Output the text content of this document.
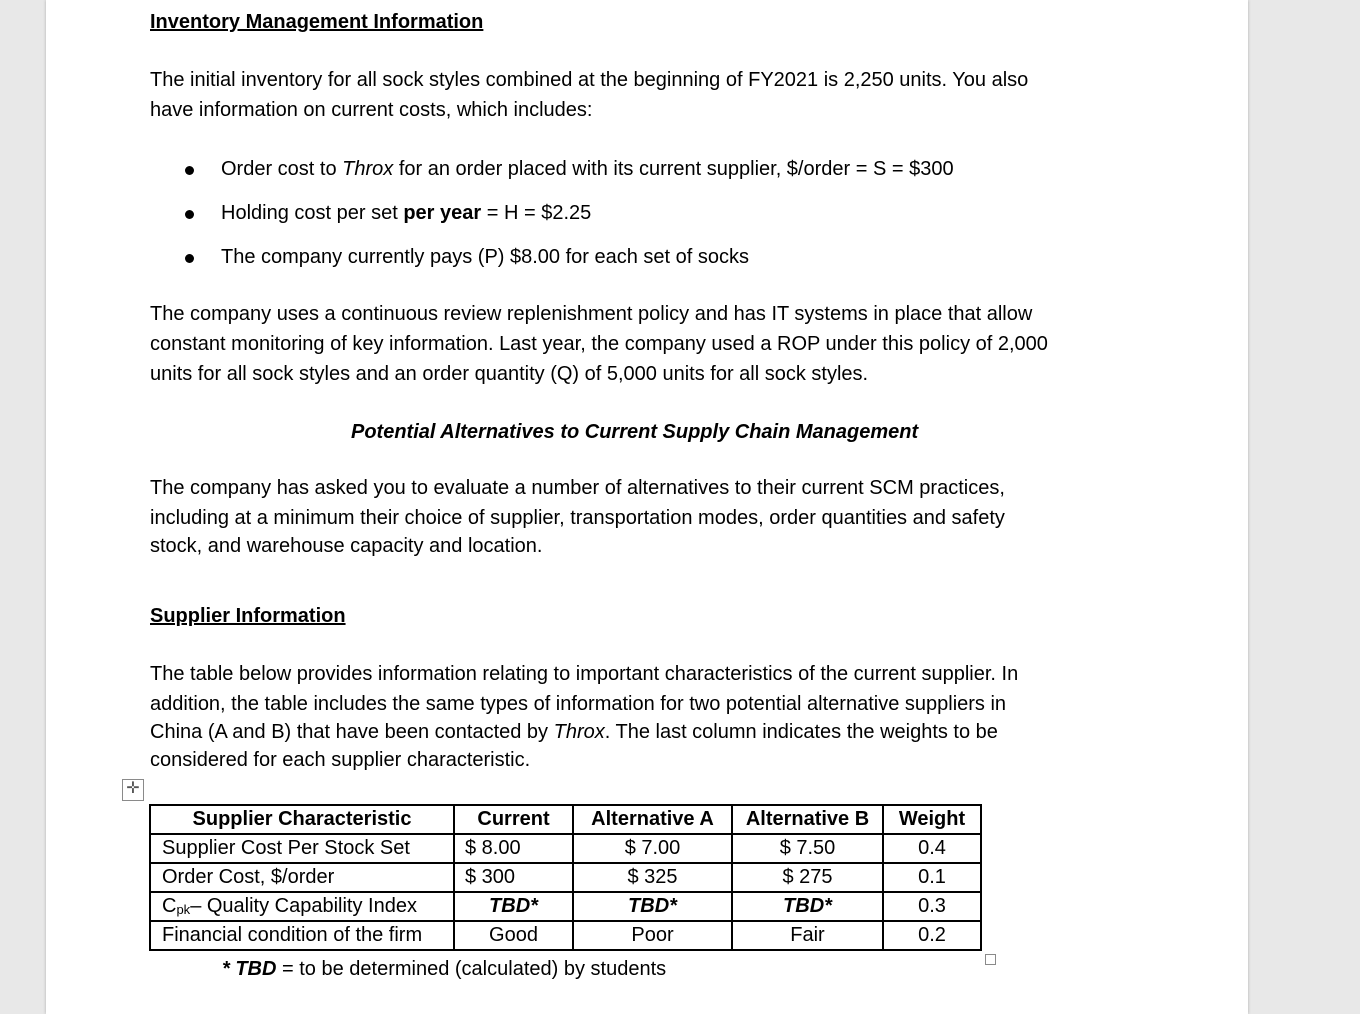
Inventory Management Information
The initial inventory for all sock styles combined at the beginning of FY2021 is 2,250 units. You also
have information on current costs, which includes:
Order cost to Throx for an order placed with its current supplier, $/order = S = $300
Holding cost per set per year = H = $2.25
The company currently pays (P) $8.00 for each set of socks
The company uses a continuous review replenishment policy and has IT systems in place that allow
constant monitoring of key information. Last year, the company used a ROP under this policy of 2,000
units for all sock styles and an order quantity (Q) of 5,000 units for all sock styles.
Potential Alternatives to Current Supply Chain Management
The company has asked you to evaluate a number of alternatives to their current SCM practices,
including at a minimum their choice of supplier, transportation modes, order quantities and safety
stock, and warehouse capacity and location.
Supplier Information
The table below provides information relating to important characteristics of the current supplier. In
addition, the table includes the same types of information for two potential alternative suppliers in
China (A and B) that have been contacted by Throx. The last column indicates the weights to be
considered for each supplier characteristic.
✛
Supplier Characteristic	Current	Alternative A	Alternative B	Weight
Supplier Cost Per Stock Set	$ 8.00	$ 7.00	$ 7.50	0.4
Order Cost, $/order	$ 300	$ 325	$ 275	0.1
$C_{pk}-$ Quality Capability Index	TBD*	TBD*	TBD*	0.3
Financial condition of the firm	Good	Poor	Fair	0.2
* TBD = to be determined (calculated) by students
